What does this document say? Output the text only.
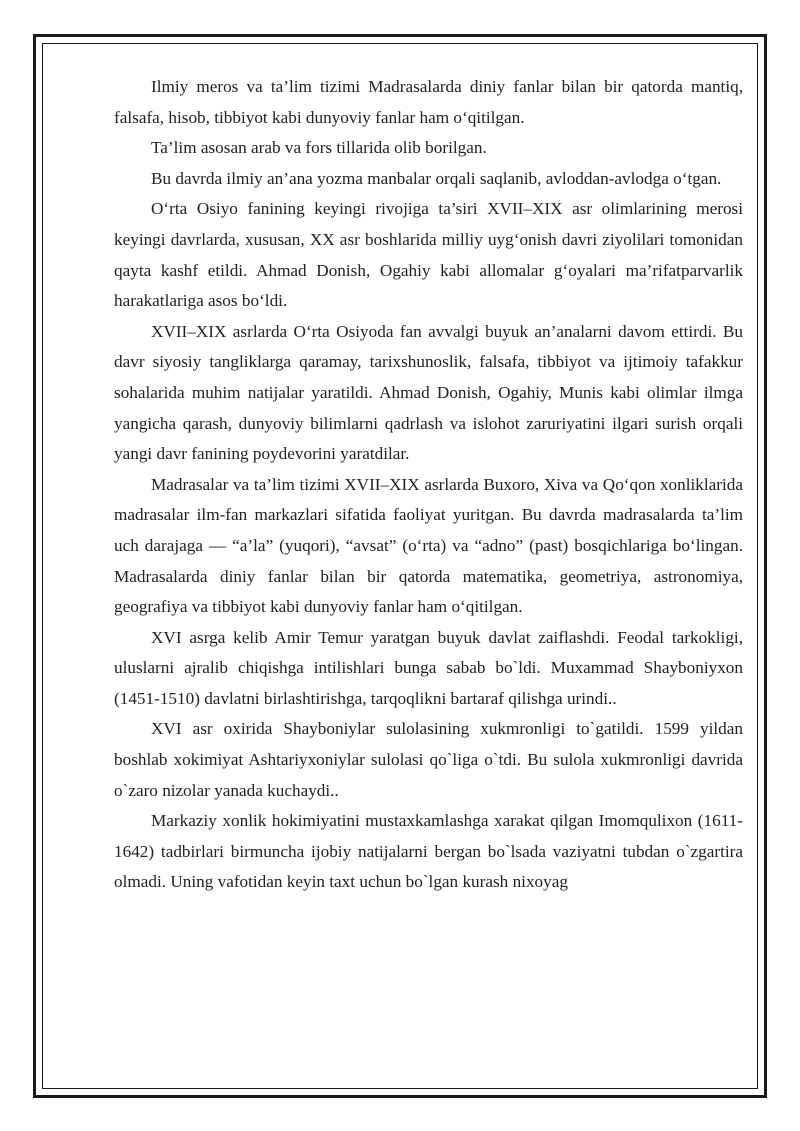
Ilmiy meros va ta’lim tizimi Madrasalarda diniy fanlar bilan bir qatorda mantiq, falsafa, hisob, tibbiyot kabi dunyoviy fanlar ham o‘qitilgan.

Ta’lim asosan arab va fors tillarida olib borilgan.

Bu davrda ilmiy an’ana yozma manbalar orqali saqlanib, avloddan-avlodga o‘tgan.

O‘rta Osiyo fanining keyingi rivojiga ta’siri XVII–XIX asr olimlarining merosi keyingi davrlarda, xususan, XX asr boshlarida milliy uyg‘onish davri ziyolilari tomonidan qayta kashf etildi. Ahmad Donish, Ogahiy kabi allomalar g‘oyalari ma’rifatparvarlik harakatlariga asos bo‘ldi.

XVII–XIX asrlarda O‘rta Osiyoda fan avvalgi buyuk an’analarni davom ettirdi. Bu davr siyosiy tangliklarga qaramay, tarixshunoslik, falsafa, tibbiyot va ijtimoiy tafakkur sohalarida muhim natijalar yaratildi. Ahmad Donish, Ogahiy, Munis kabi olimlar ilmga yangicha qarash, dunyoviy bilimlarni qadrlash va islohot zaruriyatini ilgari surish orqali yangi davr fanining poydevorini yaratdilar.

Madrasalar va ta’lim tizimi XVII–XIX asrlarda Buxoro, Xiva va Qo‘qon xonliklarida madrasalar ilm-fan markazlari sifatida faoliyat yuritgan. Bu davrda madrasalarda ta’lim uch darajaga — “a’la” (yuqori), “avsat” (o‘rta) va “adno” (past) bosqichlariga bo‘lingan. Madrasalarda diniy fanlar bilan bir qatorda matematika, geometriya, astronomiya, geografiya va tibbiyot kabi dunyoviy fanlar ham o‘qitilgan.

XVI asrga kelib Amir Temur yaratgan buyuk davlat zaiflashdi. Feodal tarkokligi, uluslarni ajralib chiqishga intilishlari bunga sabab bo`ldi. Muxammad Shayboniyxon (1451-1510) davlatni birlashtirishga, tarqoqlikni bartaraf qilishga urindi..

XVI asr oxirida Shayboniylar sulolasining xukmronligi to`gatildi. 1599 yildan boshlab xokimiyat Ashtariyxoniylar sulolasi qo`liga o`tdi. Bu sulola xukmronligi davrida o`zaro nizolar yanada kuchaydi..

Markaziy xonlik hokimiyatini mustaxkamlashga xarakat qilgan Imomqulixon (1611-1642) tadbirlari birmuncha ijobiy natijalarni bergan bo`lsada vaziyatni tubdan o`zgartira olmadi. Uning vafotidan keyin taxt uchun bo`lgan kurash nixoyag
